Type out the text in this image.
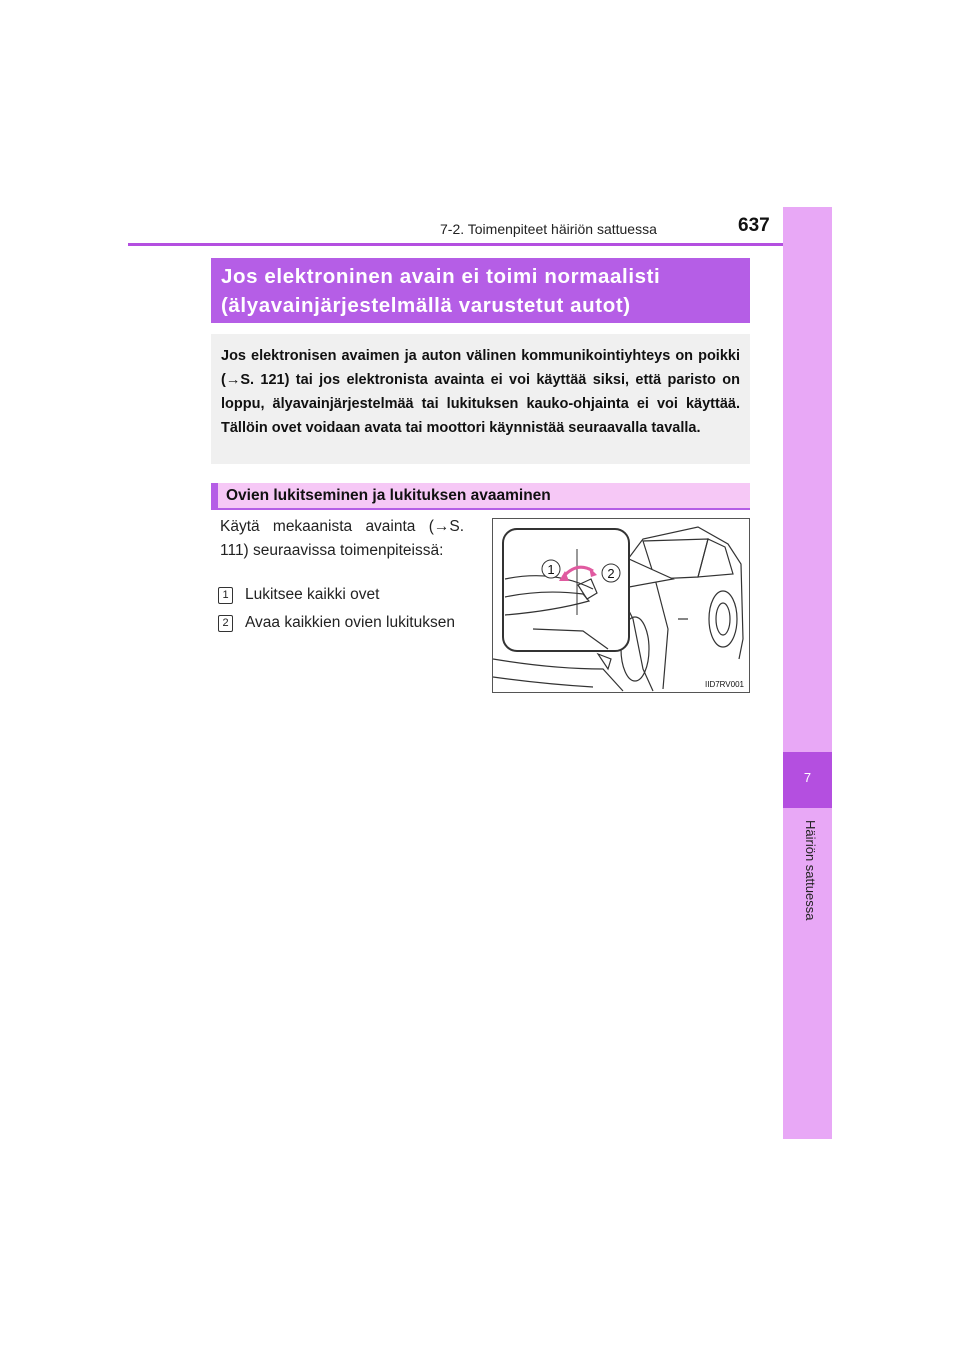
7-2. Toimenpiteet häiriön sattuessa	637
7
Häiriön sattuessa
Jos elektroninen avain ei toimi normaalisti
(älyavainjärjestelmällä varustetut autot)

Jos elektronisen avaimen ja auton välinen kommunikointiyhteys on poikki (→S. 121) tai jos elektronista avainta ei voi käyttää siksi, että paristo on loppu, älyavainjärjestelmää tai lukituksen kauko-ohjainta ei voi käyttää. Tällöin ovet voidaan avata tai moottori käynnistää seuraavalla tavalla.

Ovien lukitseminen ja lukituksen avaaminen

Käytä mekaanista avainta (→S. 111) seuraavissa toimenpiteissä:

1 Lukitsee kaikki ovet
2 Avaa kaikkien ovien lukituksen
1	2
IID7RV001
